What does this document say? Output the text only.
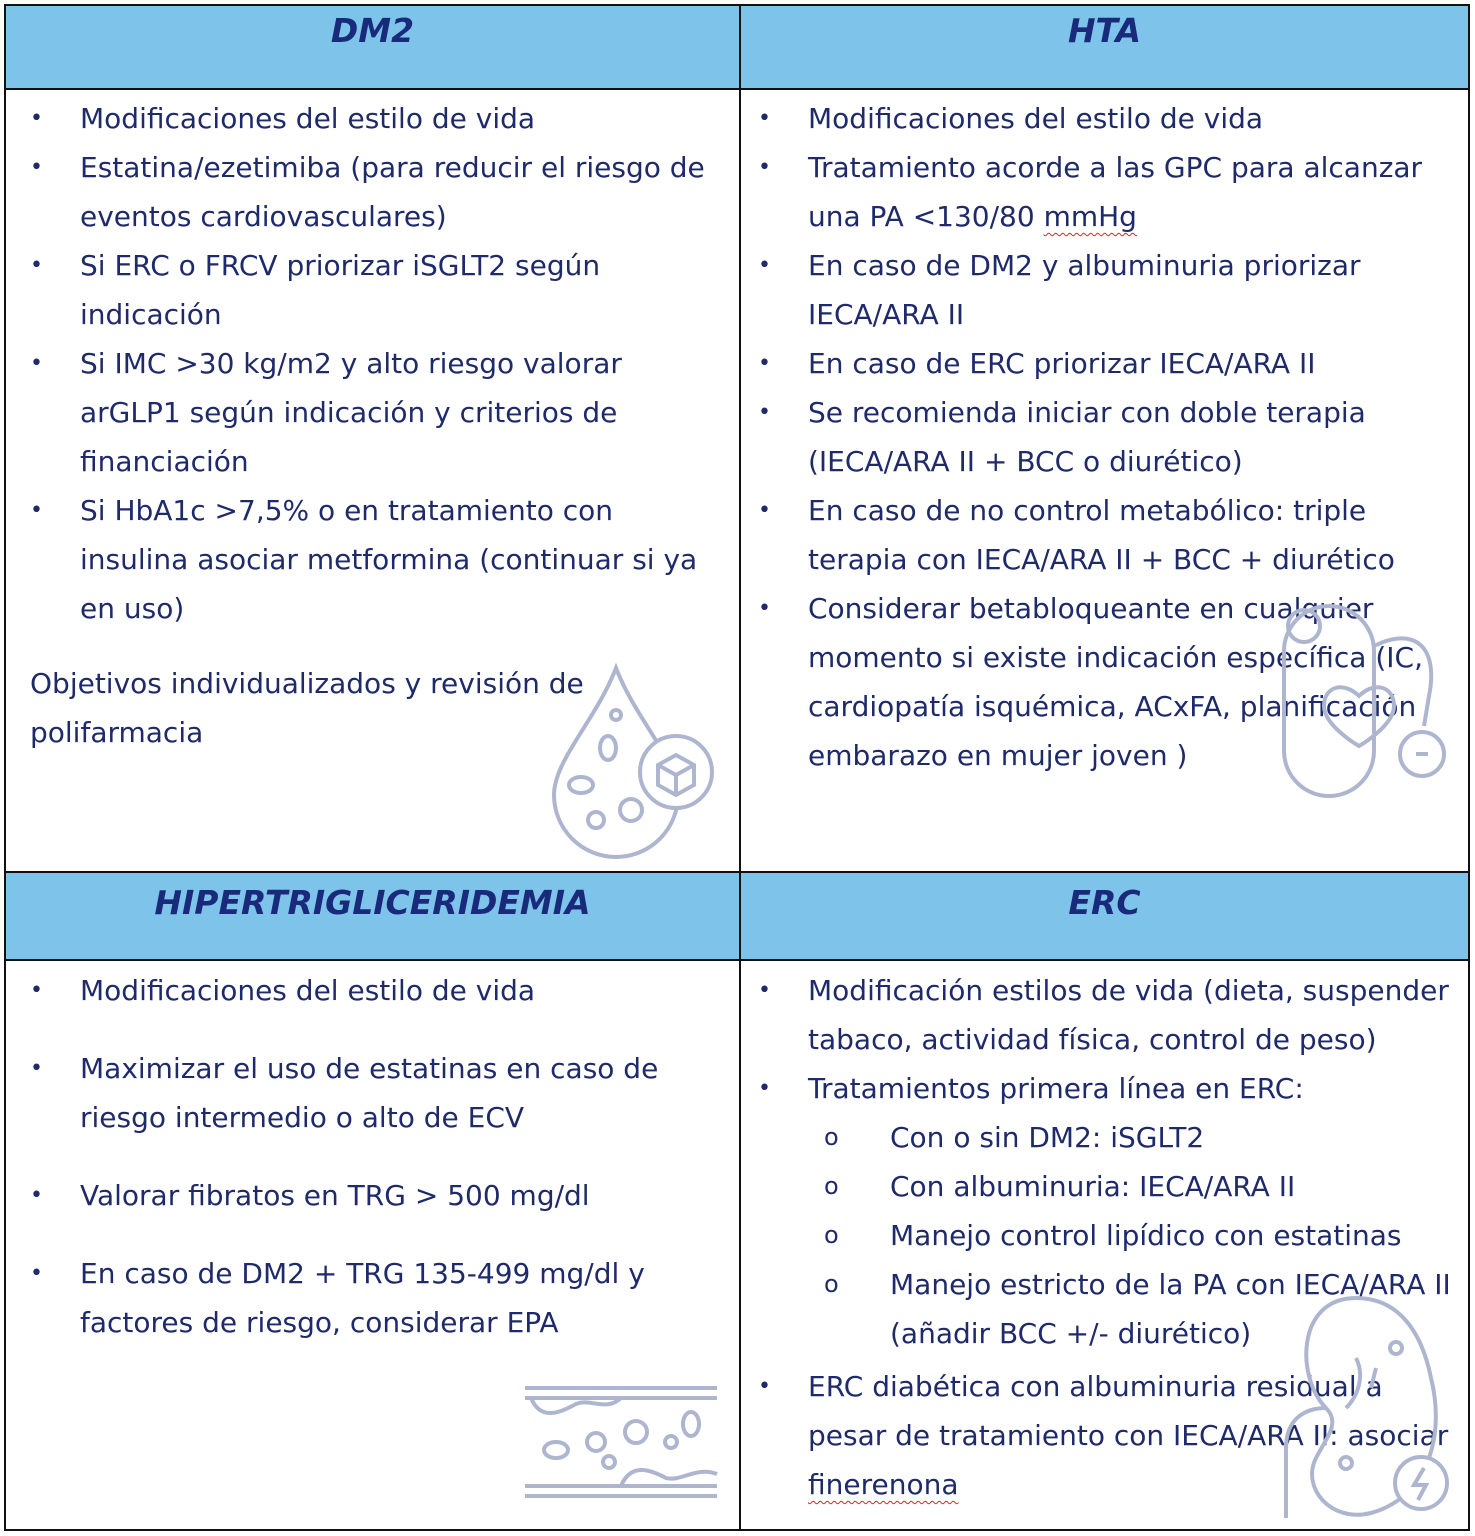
DM2
• Modificaciones del estilo de vida
• Estatina/ezetimiba (para reducir el riesgo de eventos cardiovasculares)
• Si ERC o FRCV priorizar iSGLT2 según indicación
• Si IMC >30 kg/m2 y alto riesgo valorar arGLP1 según indicación y criterios de financiación
• Si HbA1c >7,5% o en tratamiento con insulina asociar metformina (continuar si ya en uso)
Objetivos individualizados y revisión de polifarmacia
HTA
• Modificaciones del estilo de vida
• Tratamiento acorde a las GPC para alcanzar una PA <130/80 mmHg
• En caso de DM2 y albuminuria priorizar IECA/ARA II
• En caso de ERC priorizar IECA/ARA II
• Se recomienda iniciar con doble terapia (IECA/ARA II + BCC o diurético)
• En caso de no control metabólico: triple terapia con IECA/ARA II + BCC + diurético
• Considerar betabloqueante en cualquier momento si existe indicación específica (IC, cardiopatía isquémica, ACxFA, planificación embarazo en mujer joven )
HIPERTRIGLICERIDEMIA
• Modificaciones del estilo de vida
• Maximizar el uso de estatinas en caso de riesgo intermedio o alto de ECV
• Valorar fibratos en TRG > 500 mg/dl
• En caso de DM2 + TRG 135-499 mg/dl y factores de riesgo, considerar EPA
ERC
• Modificación estilos de vida (dieta, suspender tabaco, actividad física, control de peso)
• Tratamientos primera línea en ERC:
o Con o sin DM2: iSGLT2
o Con albuminuria: IECA/ARA II
o Manejo control lipídico con estatinas
o Manejo estricto de la PA con IECA/ARA II (añadir BCC +/- diurético)
• ERC diabética con albuminuria residual a pesar de tratamiento con IECA/ARA II: asociar finerenona
